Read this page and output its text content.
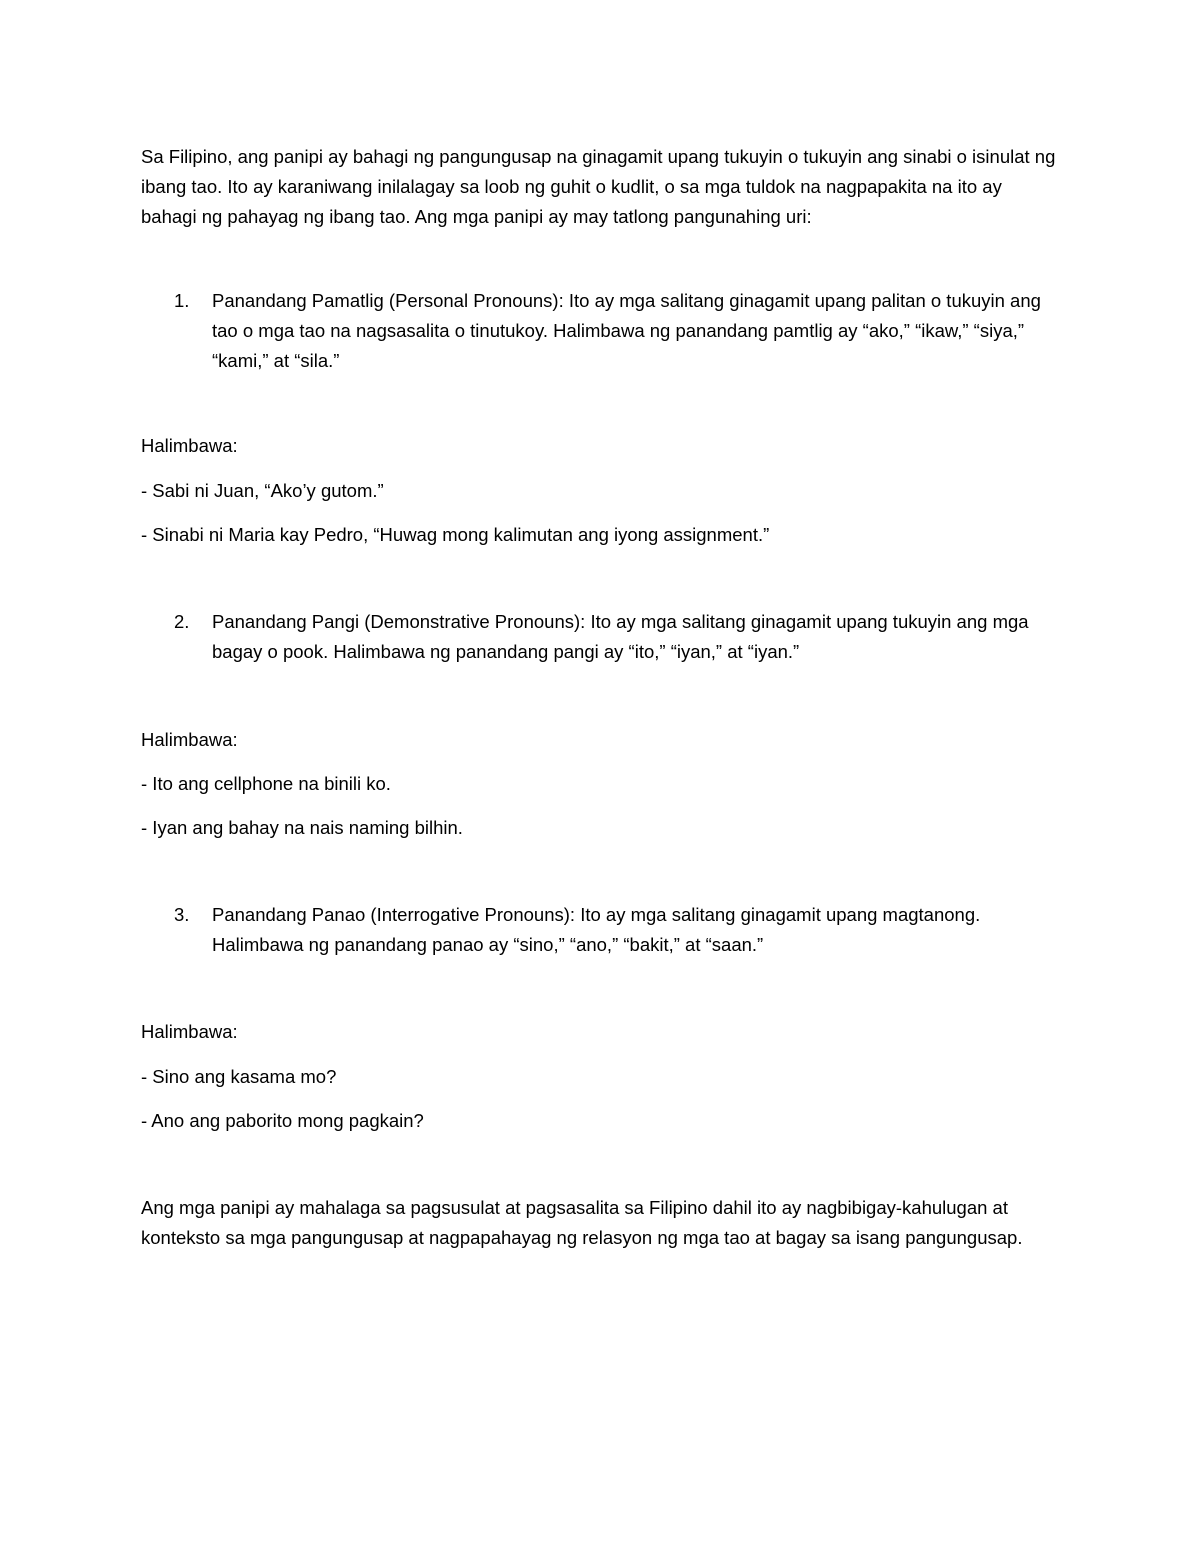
Sa Filipino, ang panipi ay bahagi ng pangungusap na ginagamit upang tukuyin o tukuyin ang sinabi o isinulat ng ibang tao. Ito ay karaniwang inilalagay sa loob ng guhit o kudlit, o sa mga tuldok na nagpapakita na ito ay bahagi ng pahayag ng ibang tao. Ang mga panipi ay may tatlong pangunahing uri:

1. Panandang Pamatlig (Personal Pronouns): Ito ay mga salitang ginagamit upang palitan o tukuyin ang tao o mga tao na nagsasalita o tinutukoy. Halimbawa ng panandang pamtlig ay “ako,” “ikaw,” “siya,” “kami,” at “sila.”

Halimbawa:
- Sabi ni Juan, “Ako’y gutom.”
- Sinabi ni Maria kay Pedro, “Huwag mong kalimutan ang iyong assignment.”
2. Panandang Pangi (Demonstrative Pronouns): Ito ay mga salitang ginagamit upang tukuyin ang mga bagay o pook. Halimbawa ng panandang pangi ay “ito,” “iyan,” at “iyan.”

Halimbawa:
- Ito ang cellphone na binili ko.
- Iyan ang bahay na nais naming bilhin.
3. Panandang Panao (Interrogative Pronouns): Ito ay mga salitang ginagamit upang magtanong. Halimbawa ng panandang panao ay “sino,” “ano,” “bakit,” at “saan.”

Halimbawa:
- Sino ang kasama mo?
- Ano ang paborito mong pagkain?

Ang mga panipi ay mahalaga sa pagsusulat at pagsasalita sa Filipino dahil ito ay nagbibigay-kahulugan at konteksto sa mga pangungusap at nagpapahayag ng relasyon ng mga tao at bagay sa isang pangungusap.
